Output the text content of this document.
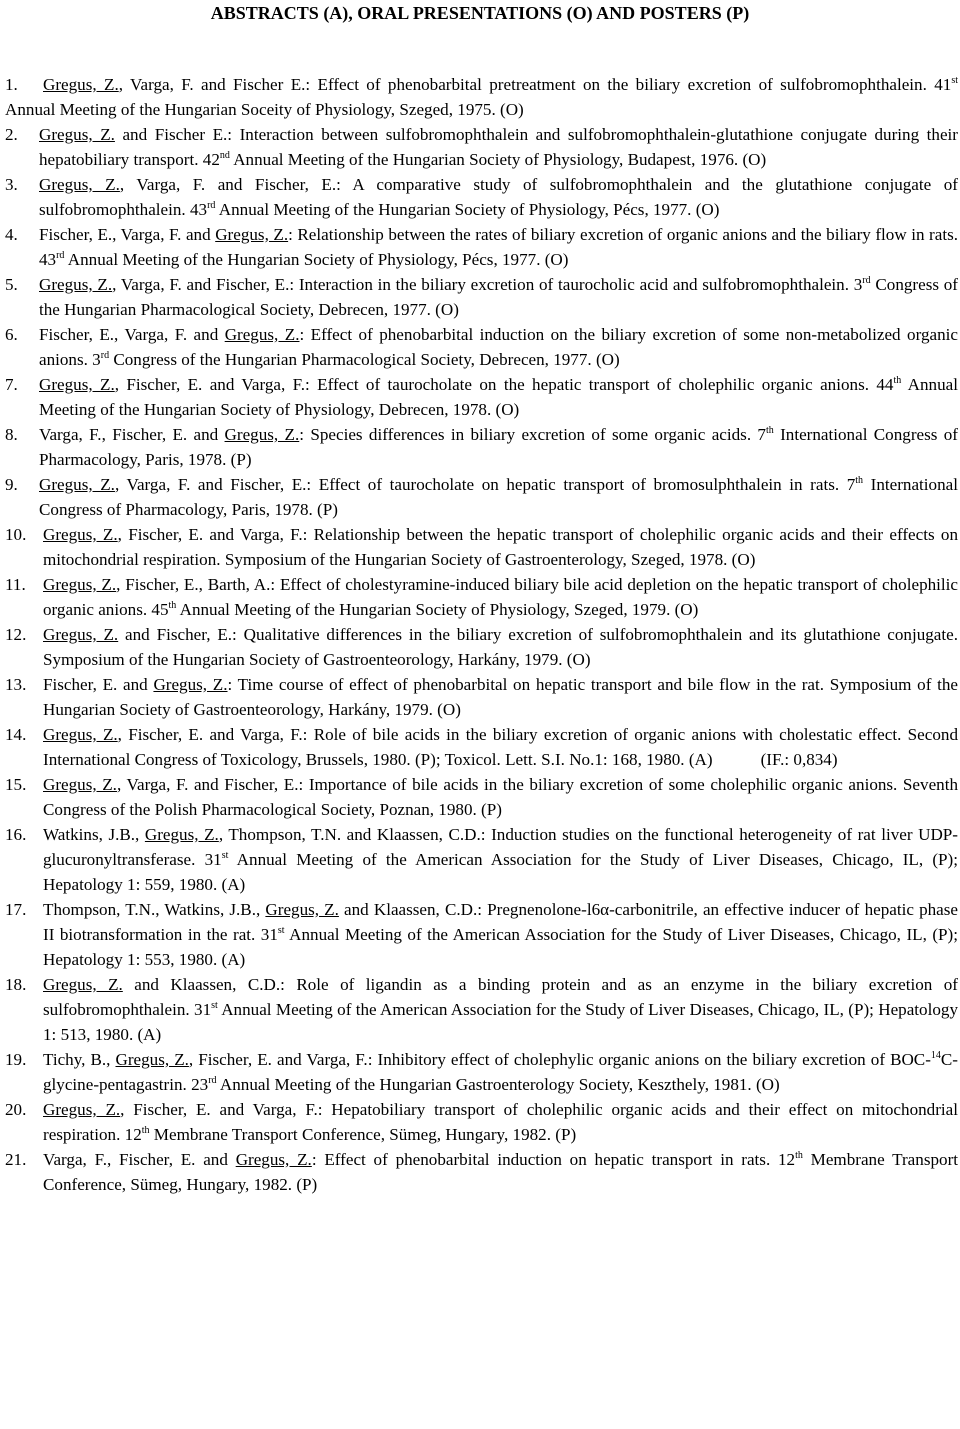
ABSTRACTS (A), ORAL PRESENTATIONS (O) AND POSTERS (P)
1. Gregus, Z., Varga, F. and Fischer E.: Effect of phenobarbital pretreatment on the biliary excretion of sulfobromophthalein. 41st Annual Meeting of the Hungarian Soceity of Physiology, Szeged, 1975. (O)
2.	Gregus, Z. and Fischer E.: Interaction between sulfobromophthalein and sulfobromophthalein-glutathione conjugate during their hepatobiliary transport. 42nd Annual Meeting of the Hungarian Society of Physiology, Budapest, 1976. (O)
3.	Gregus, Z., Varga, F. and Fischer, E.: A comparative study of sulfobromophthalein and the glutathione conjugate of sulfobromophthalein. 43rd Annual Meeting of the Hungarian Society of Physiology, Pécs, 1977. (O)
4.	Fischer, E., Varga, F. and Gregus, Z.: Relationship between the rates of biliary excretion of organic anions and the biliary flow in rats. 43rd Annual Meeting of the Hungarian Society of Physiology, Pécs, 1977. (O)
5.	Gregus, Z., Varga, F. and Fischer, E.: Interaction in the biliary excretion of taurocholic acid and sulfobromophthalein. 3rd Congress of the Hungarian Pharmacological Society, Debrecen, 1977. (O)
6.	Fischer, E., Varga, F. and Gregus, Z.: Effect of phenobarbital induction on the biliary excretion of some non-metabolized organic anions. 3rd Congress of the Hungarian Pharmacological Society, Debrecen, 1977. (O)
7.	Gregus, Z., Fischer, E. and Varga, F.: Effect of taurocholate on the hepatic transport of cholephilic organic anions. 44th Annual Meeting of the Hungarian Society of Physiology, Debrecen, 1978. (O)
8.	Varga, F., Fischer, E. and Gregus, Z.: Species differences in biliary excretion of some organic acids. 7th International Congress of Pharmacology, Paris, 1978. (P)
9.	Gregus, Z., Varga, F. and Fischer, E.: Effect of taurocholate on hepatic transport of bromosulphthalein in rats. 7th International Congress of Pharmacology, Paris, 1978. (P)
10. Gregus, Z., Fischer, E. and Varga, F.: Relationship between the hepatic transport of cholephilic organic acids and their effects on mitochondrial respiration. Symposium of the Hungarian Society of Gastroenterology, Szeged, 1978. (O)
11.	Gregus, Z., Fischer, E., Barth, A.: Effect of cholestyramine-induced biliary bile acid depletion on the hepatic transport of cholephilic organic anions. 45th Annual Meeting of the Hungarian Society of Physiology, Szeged, 1979. (O)
12. Gregus, Z. and Fischer, E.: Qualitative differences in the biliary excretion of sulfobromophthalein and its glutathione conjugate. Symposium of the Hungarian Society of Gastroenteorology, Harkány, 1979. (O)
13. Fischer, E. and Gregus, Z.: Time course of effect of phenobarbital on hepatic transport and bile flow in the rat. Symposium of the Hungarian Society of Gastroenteorology, Harkány, 1979. (O)
14. Gregus, Z., Fischer, E. and Varga, F.: Role of bile acids in the biliary excretion of organic anions with cholestatic effect. Second International Congress of Toxicology, Brussels, 1980. (P); Toxicol. Lett. S.I. No.1: 168, 1980. (A)	(IF.: 0,834)
15. Gregus, Z., Varga, F. and Fischer, E.: Importance of bile acids in the biliary excretion of some cholephilic organic anions. Seventh Congress of the Polish Pharmacological Society, Poznan, 1980. (P)
16. Watkins, J.B., Gregus, Z., Thompson, T.N. and Klaassen, C.D.: Induction studies on the functional heterogeneity of rat liver UDP-glucuronyltransferase. 31st Annual Meeting of the American Association for the Study of Liver Diseases, Chicago, IL, (P); Hepatology 1: 559, 1980. (A)
17. Thompson, T.N., Watkins, J.B., Gregus, Z. and Klaassen, C.D.: Pregnenolone-l6α-carbonitrile, an effective inducer of hepatic phase II biotransformation in the rat. 31st Annual Meeting of the American Association for the Study of Liver Diseases, Chicago, IL, (P); Hepatology 1: 553, 1980. (A)
18. Gregus, Z. and Klaassen, C.D.: Role of ligandin as a binding protein and as an enzyme in the biliary excretion of sulfobromophthalein. 31st Annual Meeting of the American Association for the Study of Liver Diseases, Chicago, IL, (P); Hepatology 1: 513, 1980. (A)
19. Tichy, B., Gregus, Z., Fischer, E. and Varga, F.: Inhibitory effect of cholephylic organic anions on the biliary excretion of BOC-$^{14}$C-glycine-pentagastrin. 23rd Annual Meeting of the Hungarian Gastroenterology Society, Keszthely, 1981. (O)
20. Gregus, Z., Fischer, E. and Varga, F.: Hepatobiliary transport of cholephilic organic acids and their effect on mitochondrial respiration. 12th Membrane Transport Conference, Sümeg, Hungary, 1982. (P)
21. Varga, F., Fischer, E. and Gregus, Z.: Effect of phenobarbital induction on hepatic transport in rats. 12th Membrane Transport Conference, Sümeg, Hungary, 1982. (P)
